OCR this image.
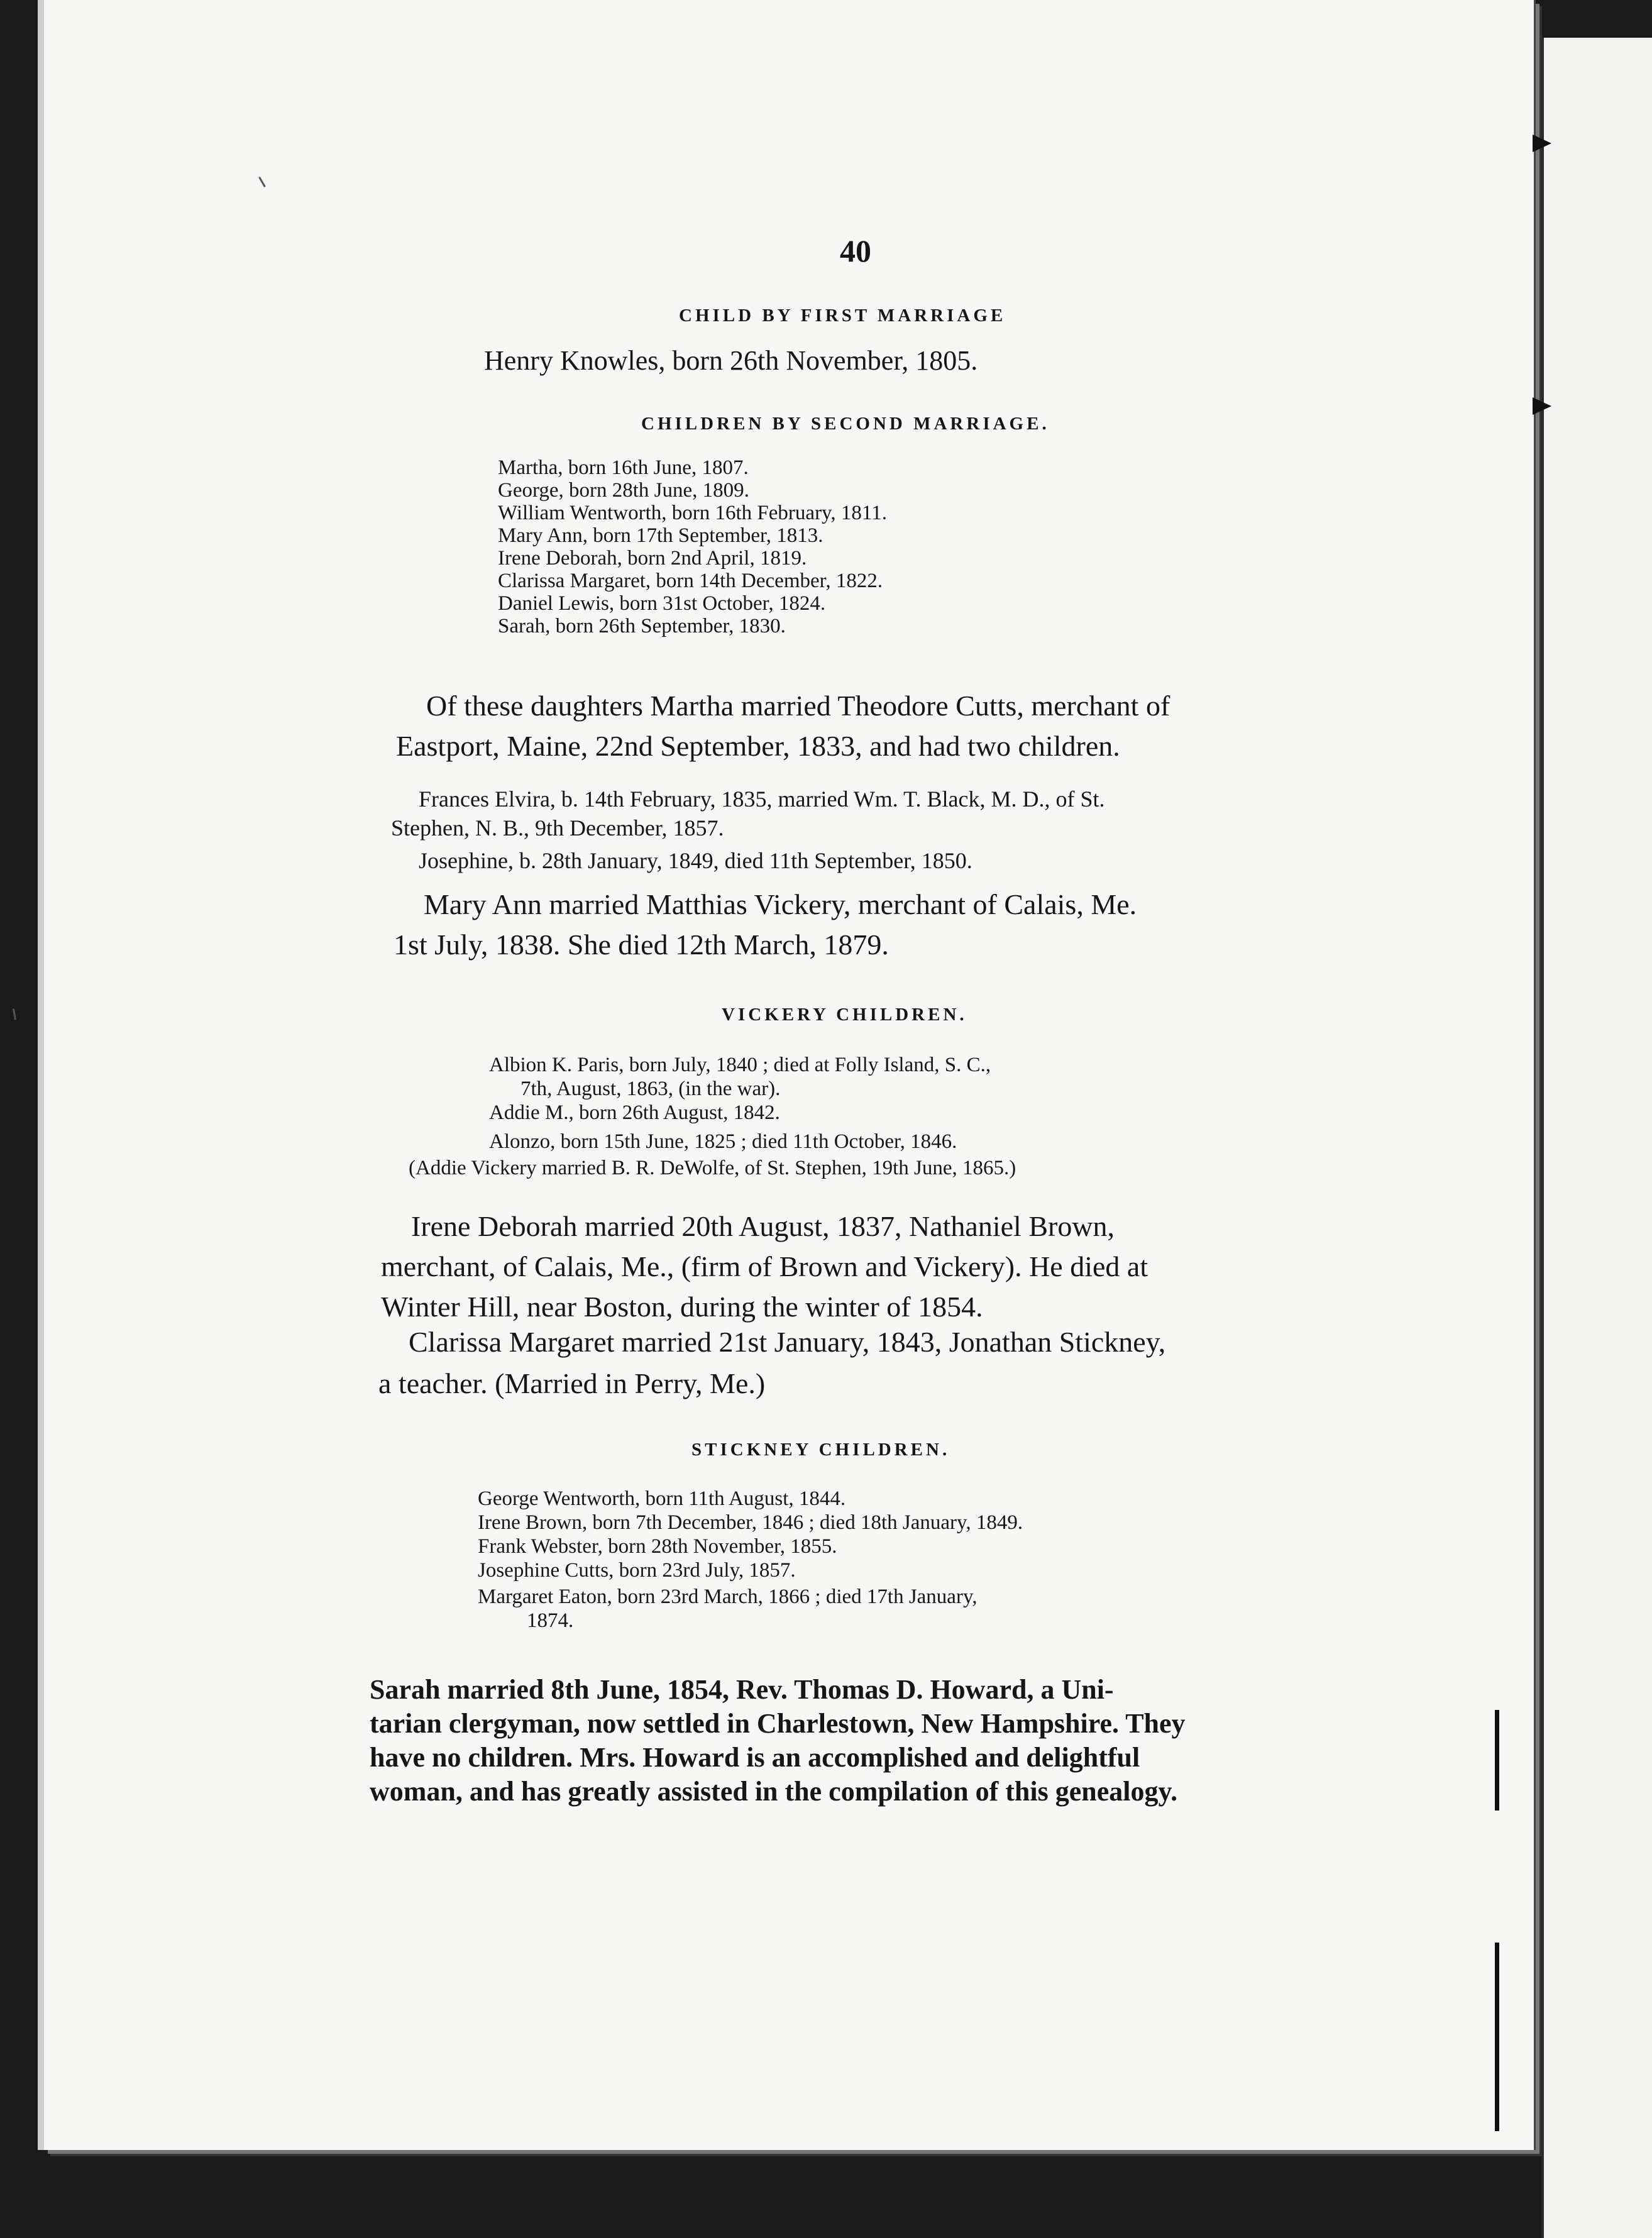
40
CHILD BY FIRST MARRIAGE
Henry Knowles, born 26th November, 1805.
CHILDREN BY SECOND MARRIAGE.
Martha, born 16th June, 1807.
George, born 28th June, 1809.
William Wentworth, born 16th February, 1811.
Mary Ann, born 17th September, 1813.
Irene Deborah, born 2nd April, 1819.
Clarissa Margaret, born 14th December, 1822.
Daniel Lewis, born 31st October, 1824.
Sarah, born 26th September, 1830.
Of these daughters Martha married Theodore Cutts, merchant of
Eastport, Maine, 22nd September, 1833, and had two children.
Frances Elvira, b. 14th February, 1835, married Wm. T. Black, M. D., of St.
Stephen, N. B., 9th December, 1857.
Josephine, b. 28th January, 1849, died 11th September, 1850.
Mary Ann married Matthias Vickery, merchant of Calais, Me.
1st July, 1838. She died 12th March, 1879.
VICKERY CHILDREN.
Albion K. Paris, born July, 1840 ; died at Folly Island, S. C.,
7th, August, 1863, (in the war).
Addie M., born 26th August, 1842.
Alonzo, born 15th June, 1825 ; died 11th October, 1846.
(Addie Vickery married B. R. DeWolfe, of St. Stephen, 19th June, 1865.)
Irene Deborah married 20th August, 1837, Nathaniel Brown,
merchant, of Calais, Me., (firm of Brown and Vickery). He died at
Winter Hill, near Boston, during the winter of 1854.
Clarissa Margaret married 21st January, 1843, Jonathan Stickney,
a teacher. (Married in Perry, Me.)
STICKNEY CHILDREN.
George Wentworth, born 11th August, 1844.
Irene Brown, born 7th December, 1846 ; died 18th January, 1849.
Frank Webster, born 28th November, 1855.
Josephine Cutts, born 23rd July, 1857.
Margaret Eaton, born 23rd March, 1866 ; died 17th January,
1874.
Sarah married 8th June, 1854, Rev. Thomas D. Howard, a Uni-
tarian clergyman, now settled in Charlestown, New Hampshire. They
have no children. Mrs. Howard is an accomplished and delightful
woman, and has greatly assisted in the compilation of this genealogy.
